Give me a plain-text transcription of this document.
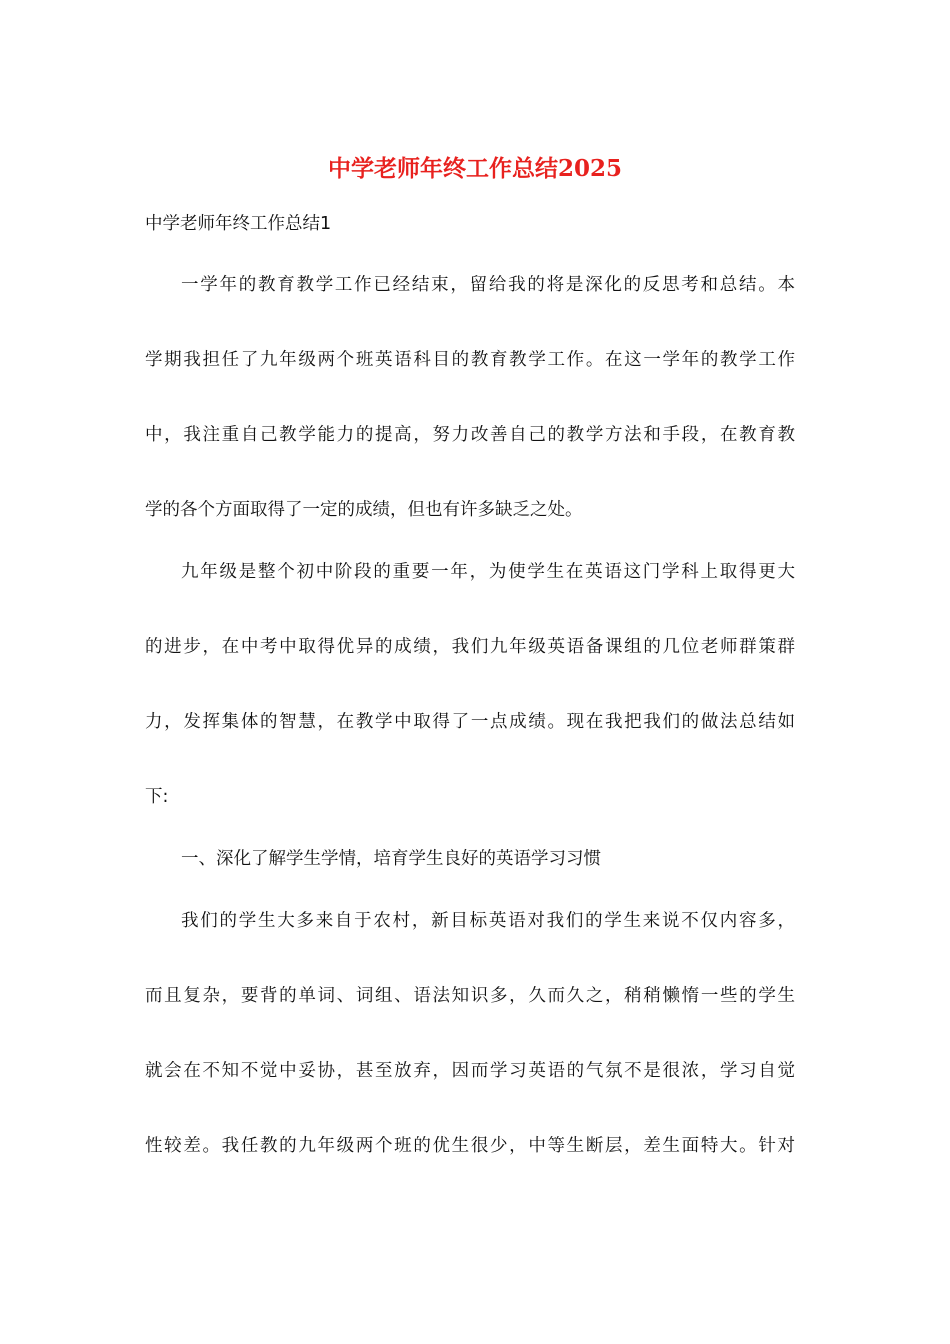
中学老师年终工作总结2025

中学老师年终工作总结1

一学年的教育教学工作已经结束，留给我的将是深化的反思考和总结。本

学期我担任了九年级两个班英语科目的教育教学工作。在这一学年的教学工作

中，我注重自己教学能力的提高，努力改善自己的教学方法和手段，在教育教

学的各个方面取得了一定的成绩，但也有许多缺乏之处。

九年级是整个初中阶段的重要一年，为使学生在英语这门学科上取得更大

的进步，在中考中取得优异的成绩，我们九年级英语备课组的几位老师群策群

力，发挥集体的智慧，在教学中取得了一点成绩。现在我把我们的做法总结如

下:

一、深化了解学生学情，培育学生良好的英语学习习惯

我们的学生大多来自于农村，新目标英语对我们的学生来说不仅内容多，

而且复杂，要背的单词、词组、语法知识多，久而久之，稍稍懒惰一些的学生

就会在不知不觉中妥协，甚至放弃，因而学习英语的气氛不是很浓，学习自觉

性较差。我任教的九年级两个班的优生很少，中等生断层，差生面特大。针对
